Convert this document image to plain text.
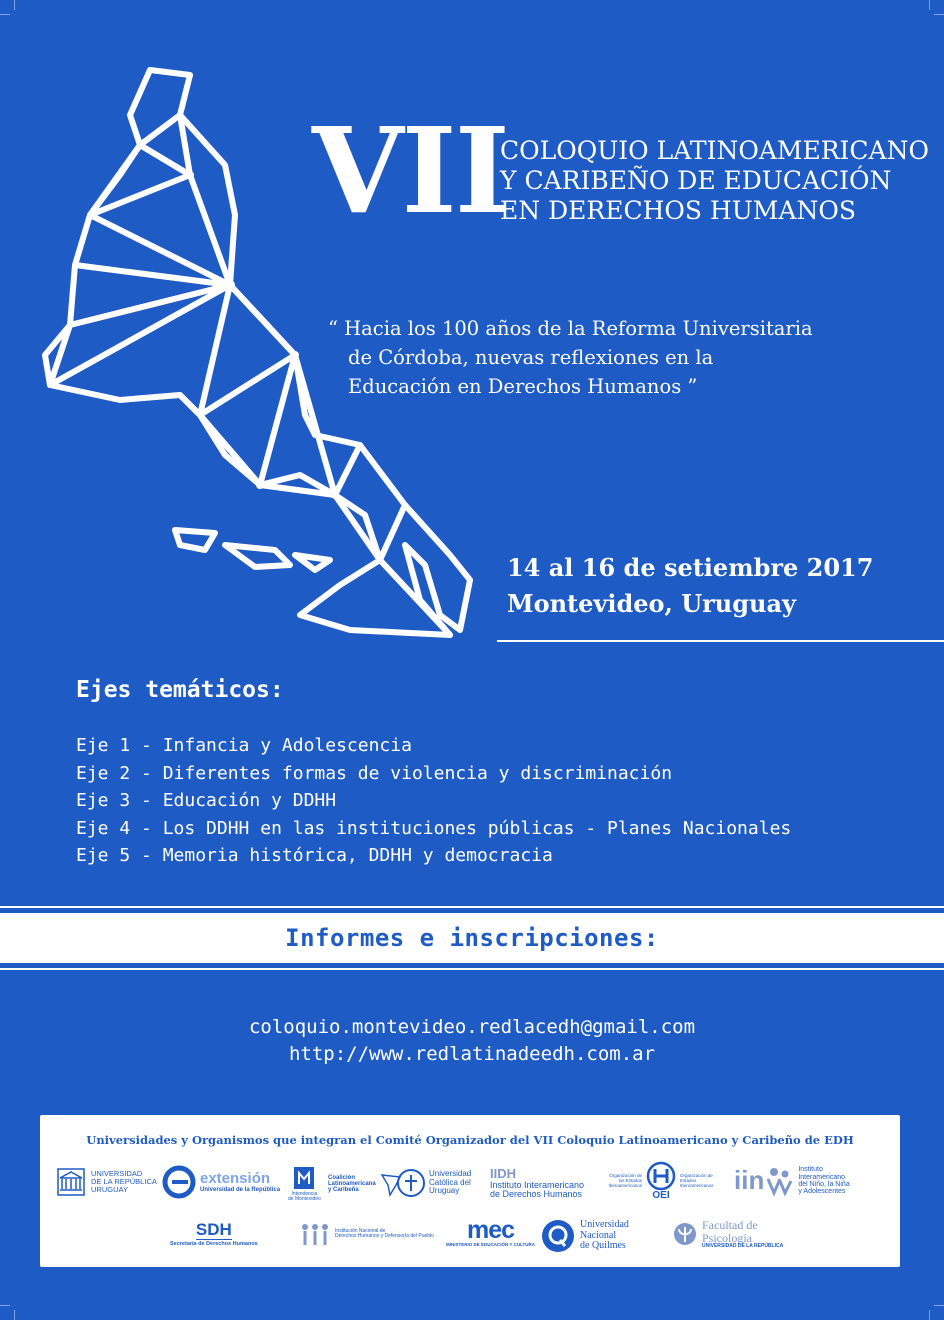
VII
COLOQUIO LATINOAMERICANO
Y CARIBEÑO DE EDUCACIÓN
EN DERECHOS HUMANOS
“ Hacia los 100 años de la Reforma Universitaria
de Córdoba, nuevas reflexiones en la
Educación en Derechos Humanos ”
14 al 16 de setiembre 2017
Montevideo, Uruguay
Ejes temáticos:
Eje 1 - Infancia y Adolescencia
Eje 2 - Diferentes formas de violencia y discriminación
Eje 3 - Educación y DDHH
Eje 4 - Los DDHH en las instituciones públicas - Planes Nacionales
Eje 5 - Memoria histórica, DDHH y democracia
Informes e inscripciones:
coloquio.montevideo.redlacedh@gmail.com
http://www.redlatinadeedh.com.ar
Universidades y Organismos que integran el Comité Organizador del VII Coloquio Latinoamericano y Caribeño de EDH
UNIVERSIDAD
DE LA REPÚBLICA
URUGUAY
extensión
Universidad de la República
Intendencia
de Montevideo
Coalición
Latinoamericana
y Caribeña
Universidad
Católica del
Uruguay
IIDH
Instituto Interamericano
de Derechos Humanos
Organización de los Estados Iberoamericanos
OEI
Organización de Estados Iberoamericanos iin	Instituto
Interamericano
del Niño, la Niña
y Adolescentes
SDH
Secretaría de Derechos Humanos
Institución Nacional de
Derechos Humanos y Defensoría del Pueblo mec
MINISTERIO DE EDUCACIÓN Y CULTURA
Universidad
Nacional
de Quilmes
Facultad de
Psicología
UNIVERSIDAD DE LA REPÚBLICA
